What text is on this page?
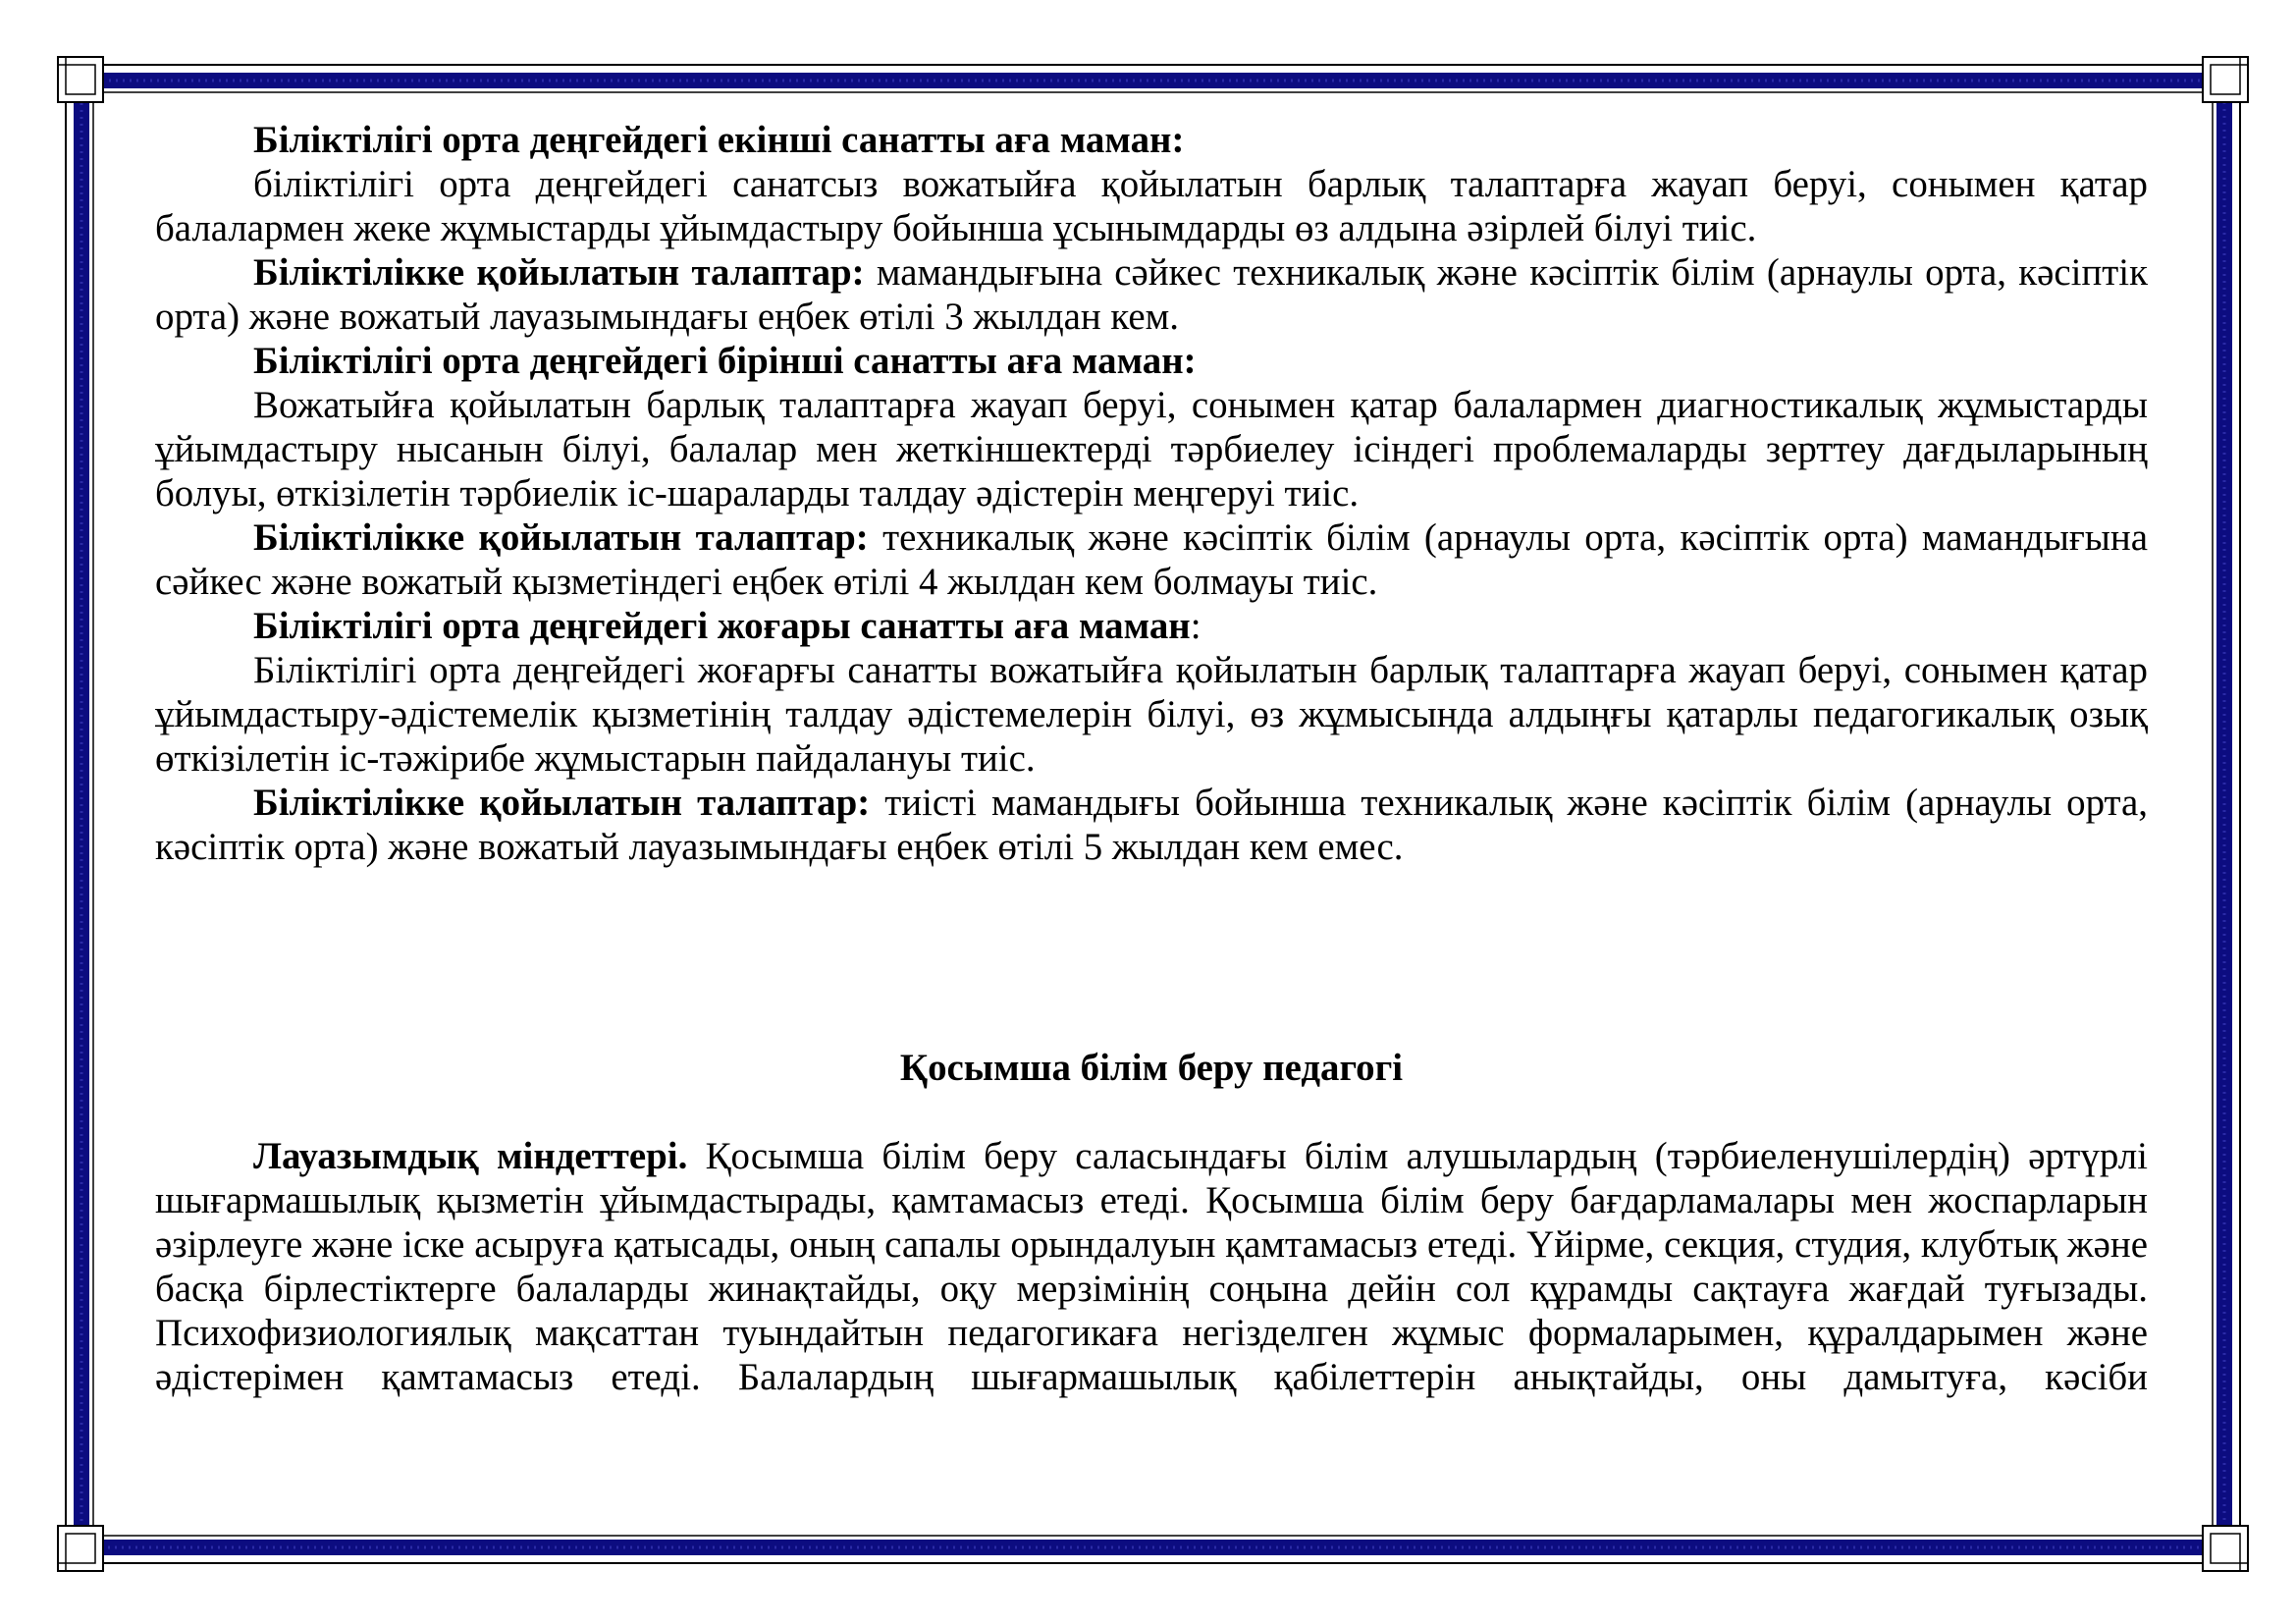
Біліктілігі орта деңгейдегі екінші санатты аға маман:

біліктілігі орта деңгейдегі санатсыз вожатыйға қойылатын барлық талаптарға жауап беруі, сонымен қатар балалармен жеке жұмыстарды ұйымдастыру бойынша ұсынымдарды өз алдына әзірлей білуі тиіс.

Біліктілікке қойылатын талаптар: мамандығына сәйкес техникалық және кәсіптік білім (арнаулы орта, кәсіптік орта) және вожатый лауазымындағы еңбек өтілі 3 жылдан кем.

Біліктілігі орта деңгейдегі бірінші санатты аға маман:

Вожатыйға қойылатын барлық талаптарға жауап беруі, сонымен қатар балалармен диагностикалық жұмыстарды ұйымдастыру нысанын білуі, балалар мен жеткіншектерді тәрбиелеу ісіндегі проблемаларды зерттеу дағдыларының болуы, өткізілетін тәрбиелік іс-шараларды талдау әдістерін меңгеруі тиіс.

Біліктілікке қойылатын талаптар: техникалық және кәсіптік білім (арнаулы орта, кәсіптік орта) мамандығына сәйкес және вожатый қызметіндегі еңбек өтілі 4 жылдан кем болмауы тиіс.

Біліктілігі орта деңгейдегі жоғары санатты аға маман:

Біліктілігі орта деңгейдегі жоғарғы санатты вожатыйға қойылатын барлық талаптарға жауап беруі, сонымен қатар ұйымдастыру-әдістемелік қызметінің талдау әдістемелерін білуі, өз жұмысында алдыңғы қатарлы педагогикалық озық өткізілетін іс-тәжірибе жұмыстарын пайдалануы тиіс.

Біліктілікке қойылатын талаптар: тиісті мамандығы бойынша техникалық және кәсіптік білім (арнаулы орта, кәсіптік орта) және вожатый лауазымындағы еңбек өтілі 5 жылдан кем емес.

Қосымша білім беру педагогі

Лауазымдық міндеттері. Қосымша білім беру саласындағы білім алушылардың (тәрбиеленушілердің) әртүрлі шығармашылық қызметін ұйымдастырады, қамтамасыз етеді. Қосымша білім беру бағдарламалары мен жоспарларын әзірлеуге және іске асыруға қатысады, оның сапалы орындалуын қамтамасыз етеді. Үйірме, секция, студия, клубтық және басқа бірлестіктерге балаларды жинақтайды, оқу мерзімінің соңына дейін сол құрамды сақтауға жағдай туғызады. Психофизиологиялық мақсаттан туындайтын педагогикаға негізделген жұмыс формаларымен, құралдарымен және әдістерімен қамтамасыз етеді. Балалардың шығармашылық қабілеттерін анықтайды, оны дамытуға, кәсіби
